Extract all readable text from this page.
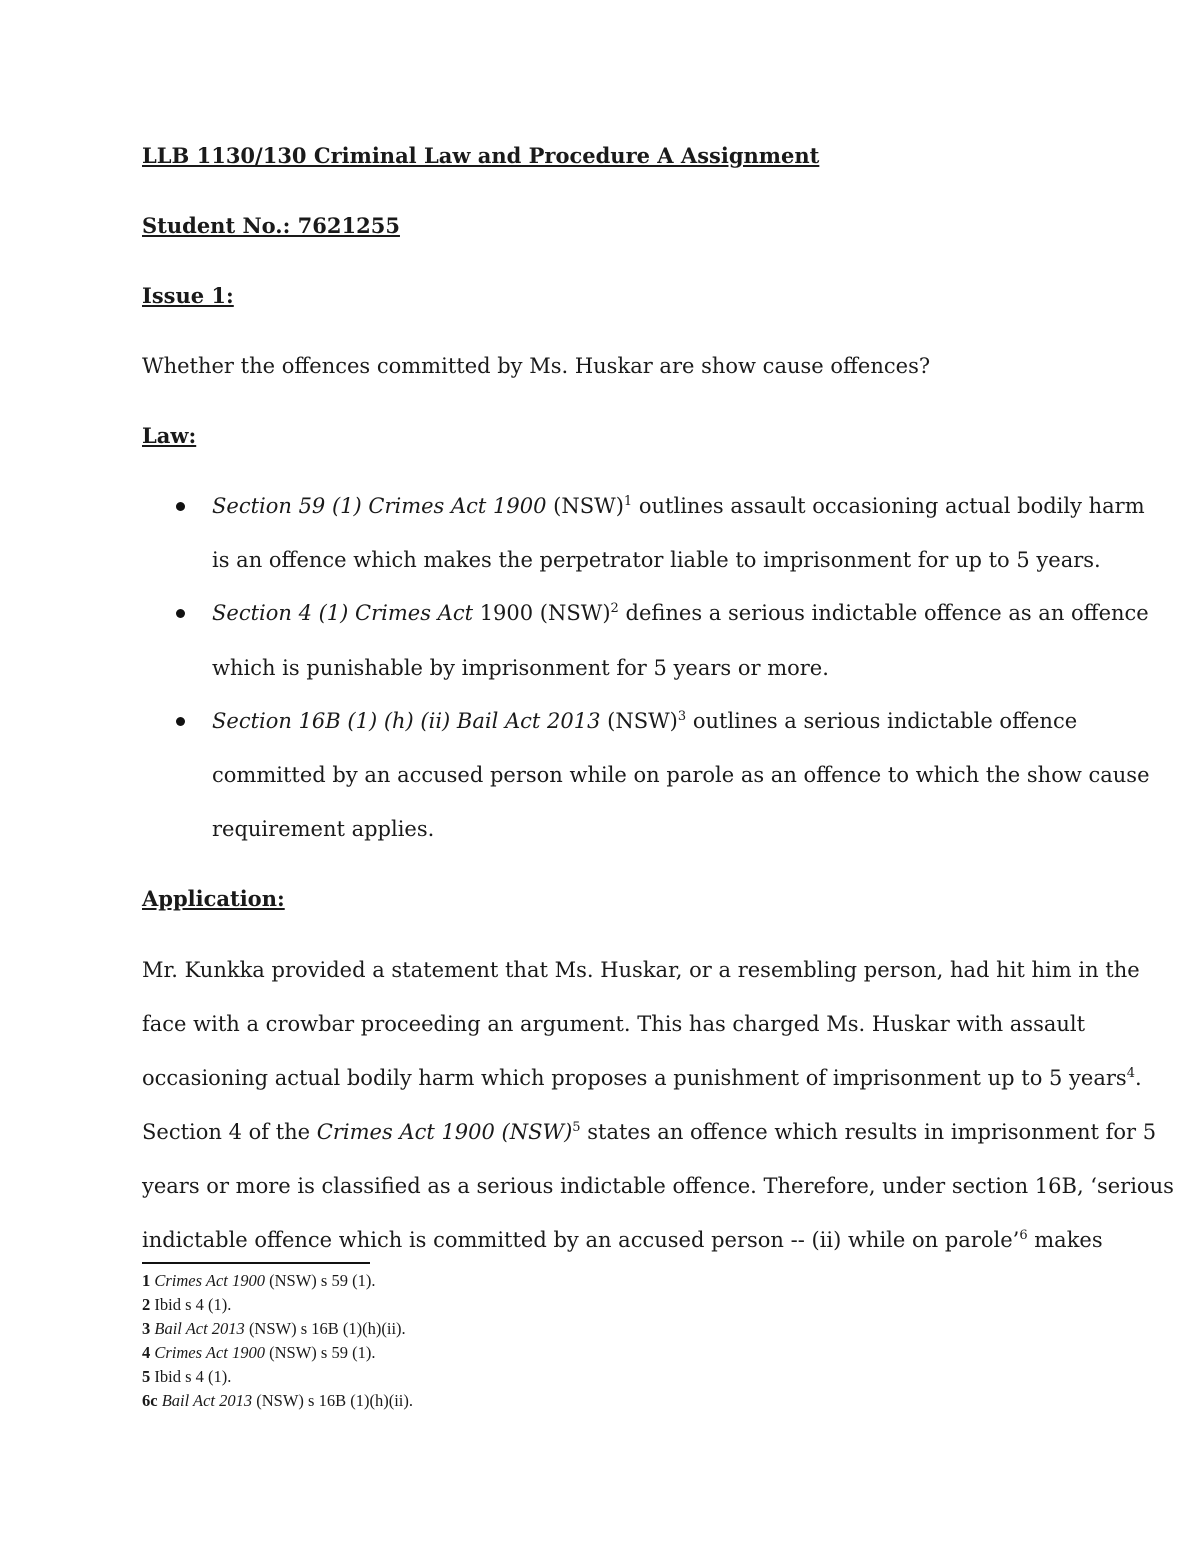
LLB 1130/130 Criminal Law and Procedure A Assignment
Student No.: 7621255
Issue 1:
Whether the offences committed by Ms. Huskar are show cause offences?
Law:
Section 59 (1) Crimes Act 1900 (NSW)$^1$ outlines assault occasioning actual bodily harm
is an offence which makes the perpetrator liable to imprisonment for up to 5 years.
Section 4 (1) Crimes Act 1900 (NSW)$^2$ defines a serious indictable offence as an offence
which is punishable by imprisonment for 5 years or more.
Section 16B (1) (h) (ii) Bail Act 2013 (NSW)$^3$ outlines a serious indictable offence
committed by an accused person while on parole as an offence to which the show cause
requirement applies.
Application:
Mr. Kunkka provided a statement that Ms. Huskar, or a resembling person, had hit him in the
face with a crowbar proceeding an argument. This has charged Ms. Huskar with assault
occasioning actual bodily harm which proposes a punishment of imprisonment up to 5 years$^4$.
Section 4 of the Crimes Act 1900 (NSW)$^5$ states an offence which results in imprisonment for 5
years or more is classified as a serious indictable offence. Therefore, under section 16B, ‘serious
indictable offence which is committed by an accused person -- (ii) while on parole’$^6$ makes
1 Crimes Act 1900 (NSW) s 59 (1).
2 Ibid s 4 (1).
3 Bail Act 2013 (NSW) s 16B (1)(h)(ii).
4 Crimes Act 1900 (NSW) s 59 (1).
5 Ibid s 4 (1).
6c Bail Act 2013 (NSW) s 16B (1)(h)(ii).
